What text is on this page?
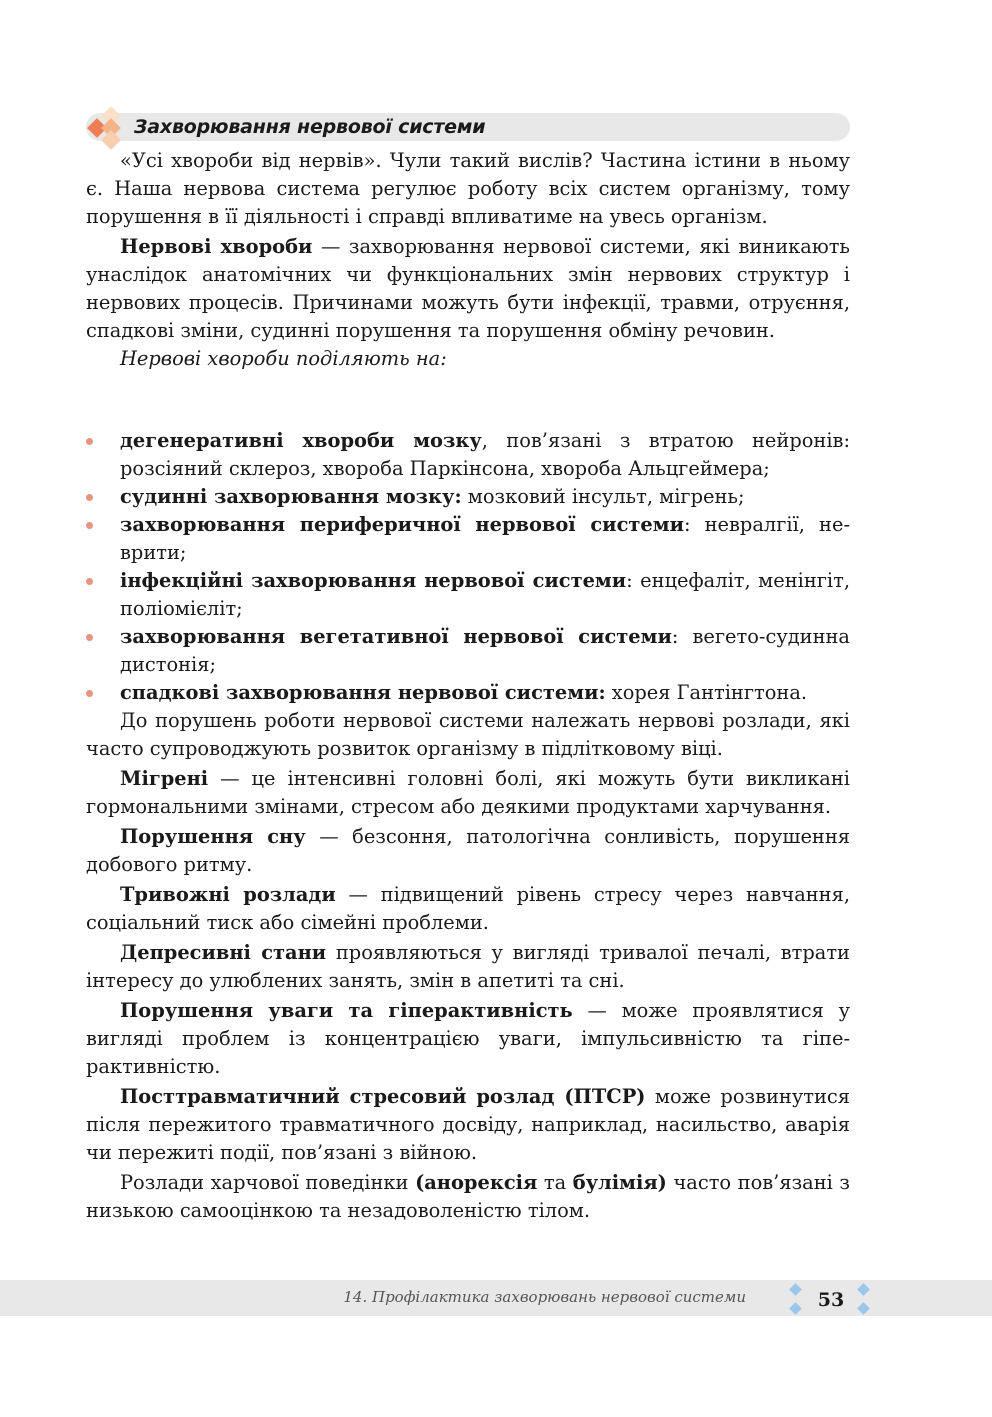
Захворювання нервової системи

«Усі хвороби від нервів». Чули такий вислів? Частина істини в ньому є. Наша нервова система регулює роботу всіх систем організму, тому порушення в її діяльності і справді впливатиме на увесь організм.

Нервові хвороби — захворювання нервової системи, які виникають унаслідок анатомічних чи функціональних змін нервових структур і нервових процесів. Причинами можуть бути інфекції, травми, отруєння, спадкові зміни, судинні порушення та порушення обміну речовин.

Нервові хвороби поділяють на:

дегенеративні хвороби мозку, пов’язані з втратою нейронів: розсіяний склероз, хвороба Паркінсона, хвороба Альцгеймера;

судинні захворювання мозку: мозковий інсульт, мігрень;

захворювання периферичної нервової системи: невралгії, неврити;

інфекційні захворювання нервової системи: енцефаліт, менінгіт, поліомієліт;

захворювання вегетативної нервової системи: вегето-судинна дистонія;

спадкові захворювання нервової системи: хорея Гантінгтона.

До порушень роботи нервової системи належать нервові розлади, які часто супроводжують розвиток організму в підлітковому віці.

Мігрені — це інтенсивні головні болі, які можуть бути викликані гормональними змінами, стресом або деякими продуктами харчування.

Порушення сну — безсоння, патологічна сонливість, порушення добового ритму.

Тривожні розлади — підвищений рівень стресу через навчання, соціальний тиск або сімейні проблеми.

Депресивні стани проявляються у вигляді тривалої печалі, втрати інтересу до улюблених занять, змін в апетиті та сні.

Порушення уваги та гіперактивність — може проявлятися у вигляді проблем із концентрацією уваги, імпульсивністю та гіперактивністю.

Посттравматичний стресовий розлад (ПТСР) може розвинутися після пережитого травматичного досвіду, наприклад, насильство, аварія чи пережиті події, пов’язані з війною.

Розлади харчової поведінки (анорексія та булімія) часто пов’язані з низькою самооцінкою та незадоволеністю тілом.

14. Профілактика захворювань нервової системи	53
